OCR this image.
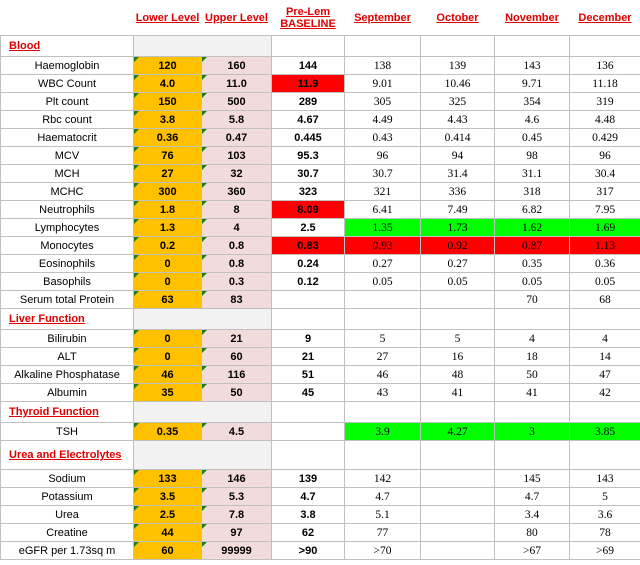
	Lower Level	Upper Level	Pre-Lem
BASELINE	September	October	November	December
Blood							
Haemoglobin	120	160	144	138	139	143	136
WBC Count	4.0	11.0	11.9	9.01	10.46	9.71	11.18
Plt count	150	500	289	305	325	354	319
Rbc count	3.8	5.8	4.67	4.49	4.43	4.6	4.48
Haematocrit	0.36	0.47	0.445	0.43	0.414	0.45	0.429
MCV	76	103	95.3	96	94	98	96
MCH	27	32	30.7	30.7	31.4	31.1	30.4
MCHC	300	360	323	321	336	318	317
Neutrophils	1.8	8	8.09	6.41	7.49	6.82	7.95
Lymphocytes	1.3	4	2.5	1.35	1.73	1.62	1.69
Monocytes	0.2	0.8	0.83	0.93	0.92	0.87	1.13
Eosinophils	0	0.8	0.24	0.27	0.27	0.35	0.36
Basophils	0	0.3	0.12	0.05	0.05	0.05	0.05
Serum total Protein	63	83				70	68
Liver Function							
Bilirubin	0	21	9	5	5	4	4
ALT	0	60	21	27	16	18	14
Alkaline Phosphatase	46	116	51	46	48	50	47
Albumin	35	50	45	43	41	41	42
Thyroid Function							
TSH	0.35	4.5		3.9	4.27	3	3.85
Urea and Electrolytes							
Sodium	133	146	139	142		145	143
Potassium	3.5	5.3	4.7	4.7		4.7	5
Urea	2.5	7.8	3.8	5.1		3.4	3.6
Creatine	44	97	62	77		80	78
eGFR per 1.73sq m	60	99999	>90	>70		>67	>69
